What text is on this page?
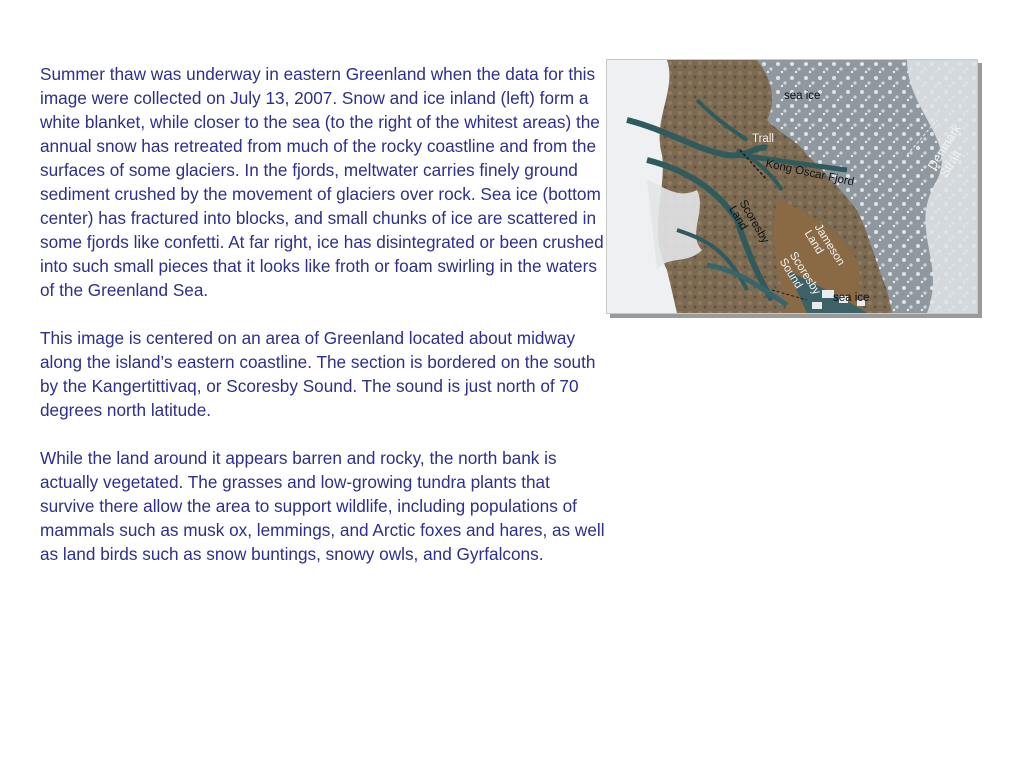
Summer thaw was underway in eastern Greenland when the data for this image were collected on July 13, 2007. Snow and ice inland (left) form a white blanket, while closer to the sea (to the right of the whitest areas) the annual snow has retreated from much of the rocky coastline and from the surfaces of some glaciers. In the fjords, meltwater carries finely ground sediment crushed by the movement of glaciers over rock. Sea ice (bottom center) has fractured into blocks, and small chunks of ice are scattered in some fjords like confetti. At far right, ice has disintegrated or been crushed into such small pieces that it looks like froth or foam swirling in the waters of the Greenland Sea.

This image is centered on an area of Greenland located about midway along the island’s eastern coastline. The section is bordered on the south by the Kangertittivaq, or Scoresby Sound. The sound is just north of 70 degrees north latitude.

While the land around it appears barren and rocky, the north bank is actually vegetated. The grasses and low-growing tundra plants that survive there allow the area to support wildlife, including populations of mammals such as musk ox, lemmings, and Arctic foxes and hares, as well as land birds such as snow buntings, snowy owls, and Gyrfalcons.

sea ice
Trall
Kong Oscar Fjord
Denmark Strait
Scoresby Land
Jameson Land
Scoresby Sound
sea ice
